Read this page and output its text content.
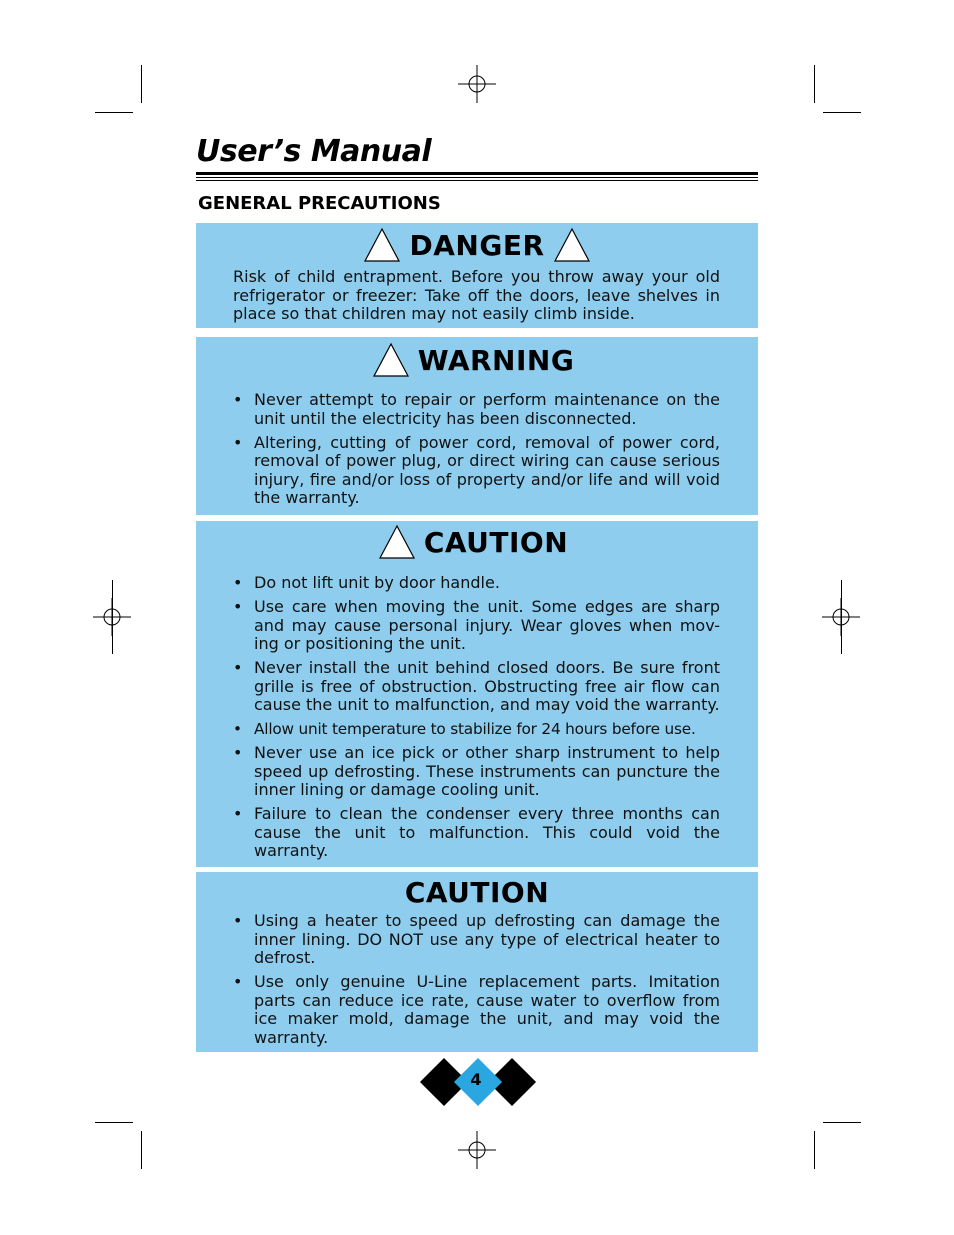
User’s Manual
GENERAL PRECAUTIONS
DANGER
Risk of child entrapment. Before you throw away your old refrigerator or freezer: Take off the doors, leave shelves in place so that children may not easily climb inside.
WARNING
• Never attempt to repair or perform maintenance on the unit until the electricity has been disconnected.
• Altering, cutting of power cord, removal of power cord, removal of power plug, or direct wiring can cause serious injury, fire and/or loss of property and/or life and will void the warranty.
CAUTION
• Do not lift unit by door handle.
• Use care when moving the unit. Some edges are sharp and may cause personal injury. Wear gloves when mov-ing or positioning the unit.
• Never install the unit behind closed doors. Be sure front grille is free of obstruction. Obstructing free air flow can cause the unit to malfunction, and may void the warranty.
• Allow unit temperature to stabilize for 24 hours before use.
• Never use an ice pick or other sharp instrument to help speed up defrosting. These instruments can puncture the inner lining or damage cooling unit.
• Failure to clean the condenser every three months can cause the unit to malfunction. This could void the warranty.
CAUTION
• Using a heater to speed up defrosting can damage the inner lining. DO NOT use any type of electrical heater to defrost.
• Use only genuine U-Line replacement parts. Imitation parts can reduce ice rate, cause water to overflow from ice maker mold, damage the unit, and may void the warranty.
4
